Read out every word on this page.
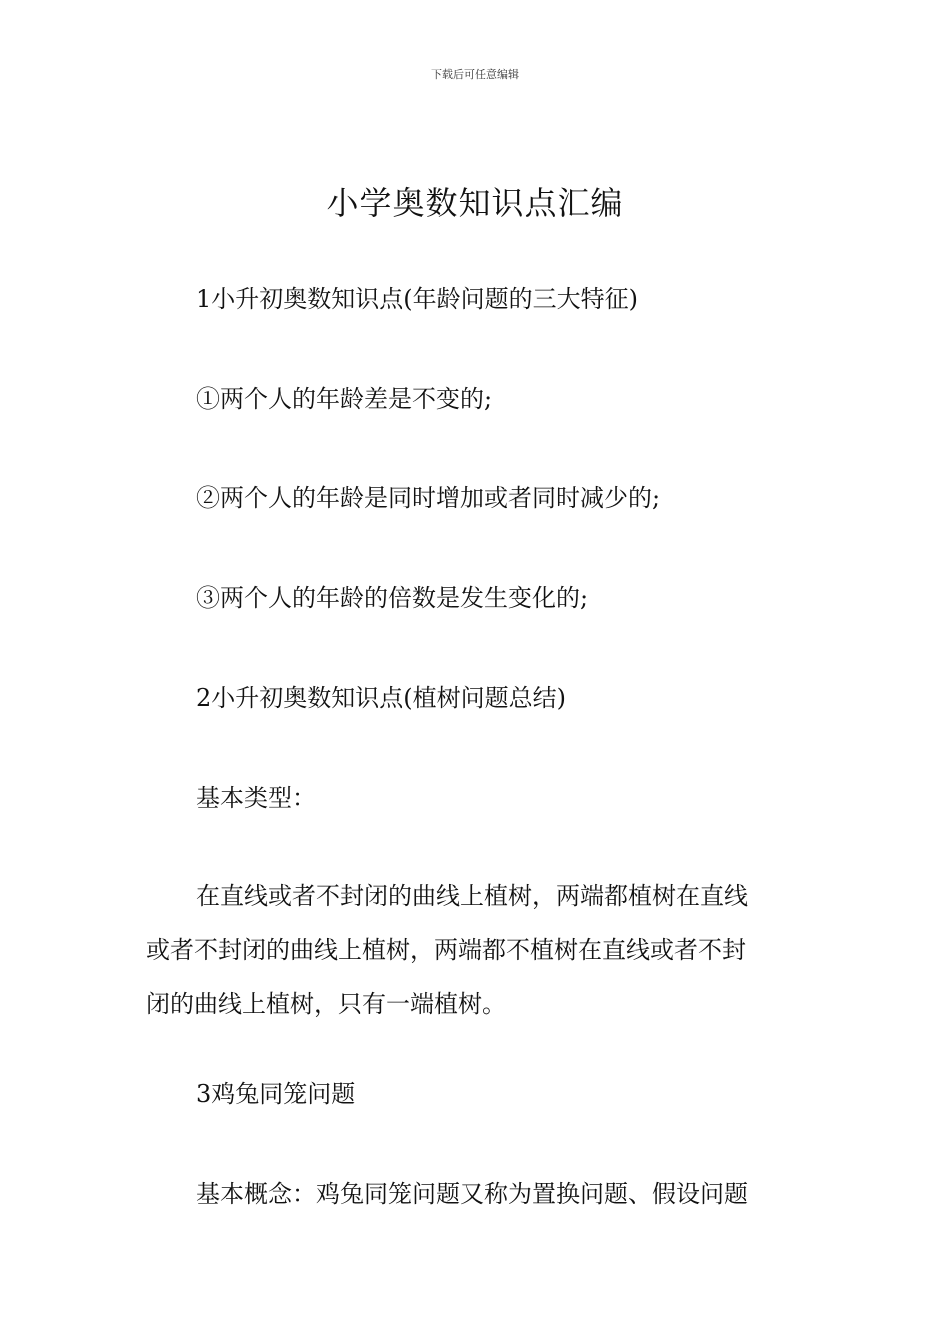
下载后可任意编辑
小学奥数知识点汇编
1小升初奥数知识点(年龄问题的三大特征)
①两个人的年龄差是不变的;
②两个人的年龄是同时增加或者同时减少的;
③两个人的年龄的倍数是发生变化的;
2小升初奥数知识点(植树问题总结)
基本类型：
在直线或者不封闭的曲线上植树，两端都植树在直线
或者不封闭的曲线上植树，两端都不植树在直线或者不封
闭的曲线上植树，只有一端植树。
3鸡兔同笼问题
基本概念：鸡兔同笼问题又称为置换问题、假设问题
